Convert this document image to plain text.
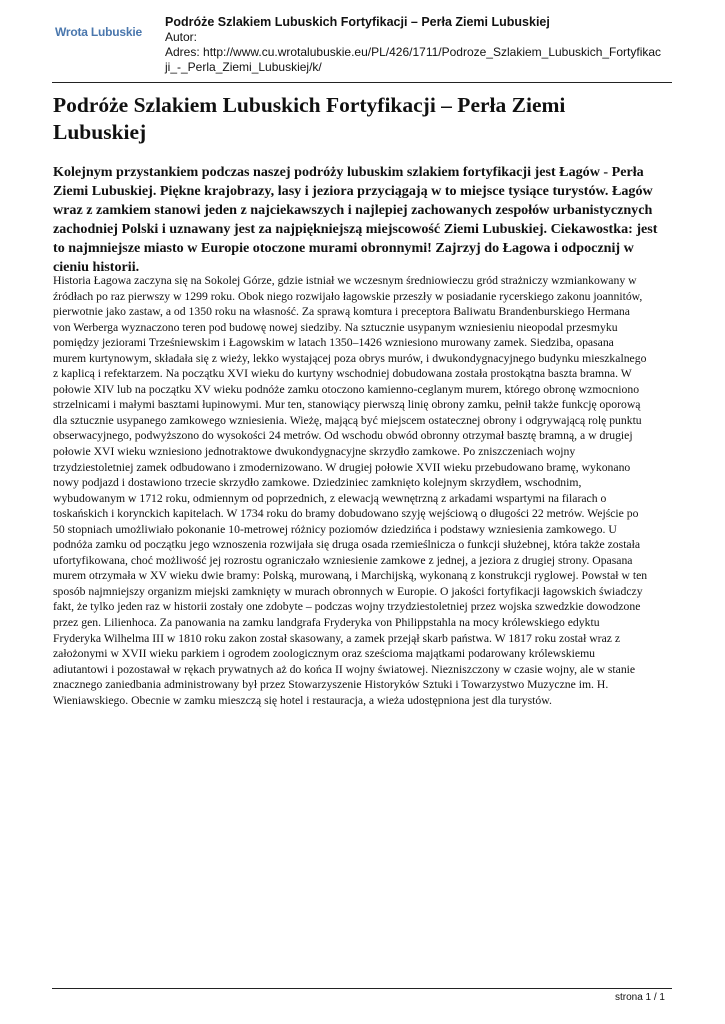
Wrota Lubuskie
Podróże Szlakiem Lubuskich Fortyfikacji – Perła Ziemi Lubuskiej
Autor:
Adres: http://www.cu.wrotalubuskie.eu/PL/426/1711/Podroze_Szlakiem_Lubuskich_Fortyfikac
ji_-_Perla_Ziemi_Lubuskiej/k/
Podróże Szlakiem Lubuskich Fortyfikacji – Perła Ziemi Lubuskiej

Kolejnym przystankiem podczas naszej podróży lubuskim szlakiem fortyfikacji jest Łagów - Perła Ziemi Lubuskiej. Piękne krajobrazy, lasy i jeziora przyciągają w to miejsce tysiące turystów. Łagów wraz z zamkiem stanowi jeden z najciekawszych i najlepiej zachowanych zespołów urbanistycznych zachodniej Polski i uznawany jest za najpiękniejszą miejscowość Ziemi Lubuskiej. Ciekawostka: jest to najmniejsze miasto w Europie otoczone murami obronnymi! Zajrzyj do Łagowa i odpocznij w cieniu historii.

Historia Łagowa zaczyna się na Sokolej Górze, gdzie istniał we wczesnym średniowieczu gród strażniczy wzmiankowany w
źródłach po raz pierwszy w 1299 roku. Obok niego rozwijało łagowskie przeszły w posiadanie rycerskiego zakonu joannitów,
pierwotnie jako zastaw, a od 1350 roku na własność. Za sprawą komtura i preceptora Baliwatu Brandenburskiego Hermana
von Werberga wyznaczono teren pod budowę nowej siedziby. Na sztucznie usypanym wzniesieniu nieopodal przesmyku
pomiędzy jeziorami Trześniewskim i Łagowskim w latach 1350–1426 wzniesiono murowany zamek. Siedziba, opasana
murem kurtynowym, składała się z wieży, lekko wystającej poza obrys murów, i dwukondygnacyjnego budynku mieszkalnego
z kaplicą i refektarzem. Na początku XVI wieku do kurtyny wschodniej dobudowana została prostokątna baszta bramna. W
połowie XIV lub na początku XV wieku podnóże zamku otoczono kamienno-ceglanym murem, którego obronę wzmocniono
strzelnicami i małymi basztami łupinowymi. Mur ten, stanowiący pierwszą linię obrony zamku, pełnił także funkcję oporową
dla sztucznie usypanego zamkowego wzniesienia. Wieżę, mającą być miejscem ostatecznej obrony i odgrywającą rolę punktu
obserwacyjnego, podwyższono do wysokości 24 metrów. Od wschodu obwód obronny otrzymał basztę bramną, a w drugiej
połowie XVI wieku wzniesiono jednotraktowe dwukondygnacyjne skrzydło zamkowe. Po zniszczeniach wojny
trzydziestoletniej zamek odbudowano i zmodernizowano. W drugiej połowie XVII wieku przebudowano bramę, wykonano
nowy podjazd i dostawiono trzecie skrzydło zamkowe. Dziedziniec zamknięto kolejnym skrzydłem, wschodnim,
wybudowanym w 1712 roku, odmiennym od poprzednich, z elewacją wewnętrzną z arkadami wspartymi na filarach o
toskańskich i korynckich kapitelach. W 1734 roku do bramy dobudowano szyję wejściową o długości 22 metrów. Wejście po
50 stopniach umożliwiało pokonanie 10-metrowej różnicy poziomów dziedzińca i podstawy wzniesienia zamkowego. U
podnóża zamku od początku jego wznoszenia rozwijała się druga osada rzemieślnicza o funkcji służebnej, która także została
ufortyfikowana, choć możliwość jej rozrostu ograniczało wzniesienie zamkowe z jednej, a jeziora z drugiej strony. Opasana
murem otrzymała w XV wieku dwie bramy: Polską, murowaną, i Marchijską, wykonaną z konstrukcji ryglowej. Powstał w ten
sposób najmniejszy organizm miejski zamknięty w murach obronnych w Europie. O jakości fortyfikacji łagowskich świadczy
fakt, że tylko jeden raz w historii zostały one zdobyte – podczas wojny trzydziestoletniej przez wojska szwedzkie dowodzone
przez gen. Lilienhoca. Za panowania na zamku landgrafa Fryderyka von Philippstahla na mocy królewskiego edyktu
Fryderyka Wilhelma III w 1810 roku zakon został skasowany, a zamek przejął skarb państwa. W 1817 roku został wraz z
założonymi w XVII wieku parkiem i ogrodem zoologicznym oraz sześcioma majątkami podarowany królewskiemu
adiutantowi i pozostawał w rękach prywatnych aż do końca II wojny światowej. Niezniszczony w czasie wojny, ale w stanie
znacznego zaniedbania administrowany był przez Stowarzyszenie Historyków Sztuki i Towarzystwo Muzyczne im. H.
Wieniawskiego. Obecnie w zamku mieszczą się hotel i restauracja, a wieża udostępniona jest dla turystów.
strona 1 / 1
